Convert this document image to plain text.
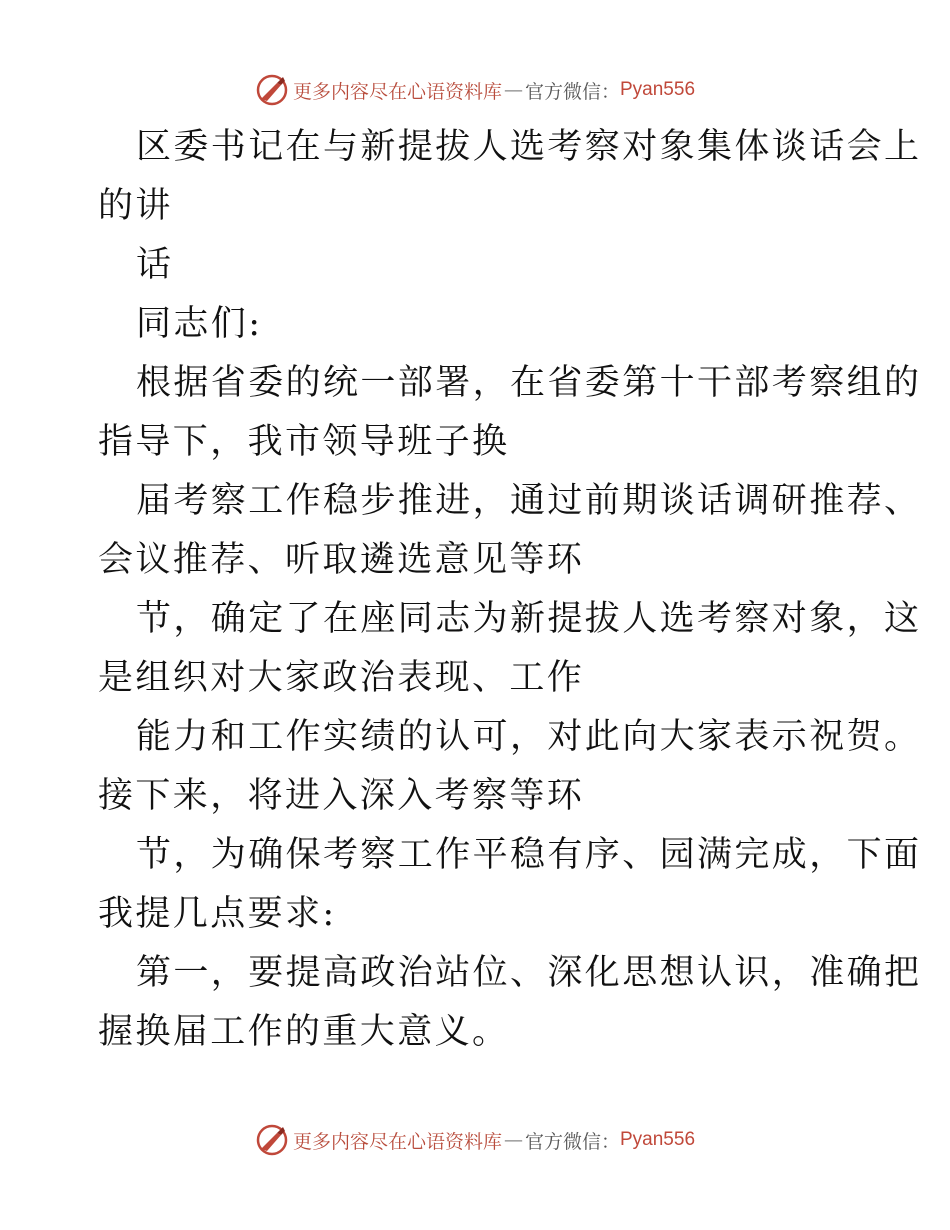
更多内容尽在心语资料库 — 官方微信： Pyan556
区委书记在与新提拔人选考察对象集体谈话会上
的讲
话
同志们:
根据省委的统一部署，在省委第十干部考察组的
指导下，我市领导班子换
届考察工作稳步推进，通过前期谈话调研推荐、
会议推荐、听取遴选意见等环
节，确定了在座同志为新提拔人选考察对象，这
是组织对大家政治表现、工作
能力和工作实绩的认可，对此向大家表示祝贺。
接下来，将进入深入考察等环
节，为确保考察工作平稳有序、园满完成，下面
我提几点要求:
第一，要提高政治站位、深化思想认识，准确把
握换届工作的重大意义。
更多内容尽在心语资料库 — 官方微信： Pyan556
